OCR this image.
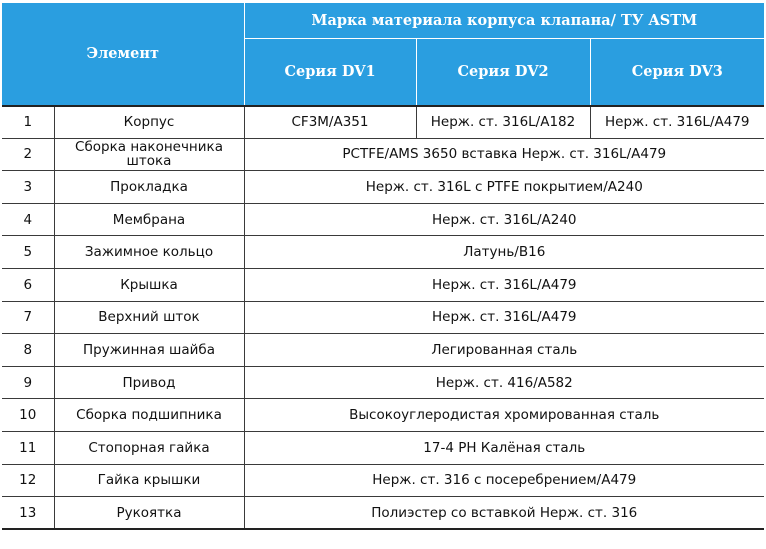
Элемент		Марка материала корпуса клапана/ ТУ ASTM		
		Серия DV1	Серия DV2	Серия DV3
1	Корпус	CF3M/A351	Нерж. ст. 316L/A182	Нерж. ст. 316L/A479
2	Сборка наконечника штока	PCTFE/AMS 3650 вставка Нерж. ст. 316L/A479		
3	Прокладка	Нерж. ст. 316L с PTFE покрытием/A240		
4	Мембрана	Нерж. ст. 316L/A240		
5	Зажимное кольцо	Латунь/B16		
6	Крышка	Нерж. ст. 316L/A479		
7	Верхний шток	Нерж. ст. 316L/A479		
8	Пружинная шайба	Легированная сталь		
9	Привод	Нерж. ст. 416/A582		
10	Сборка подшипника	Высокоуглеродистая хромированная сталь		
11	Стопорная гайка	17-4 PH Калёная сталь		
12	Гайка крышки	Нерж. ст. 316 с посеребрением/A479		
13	Рукоятка	Полиэстер со вставкой Нерж. ст. 316		
